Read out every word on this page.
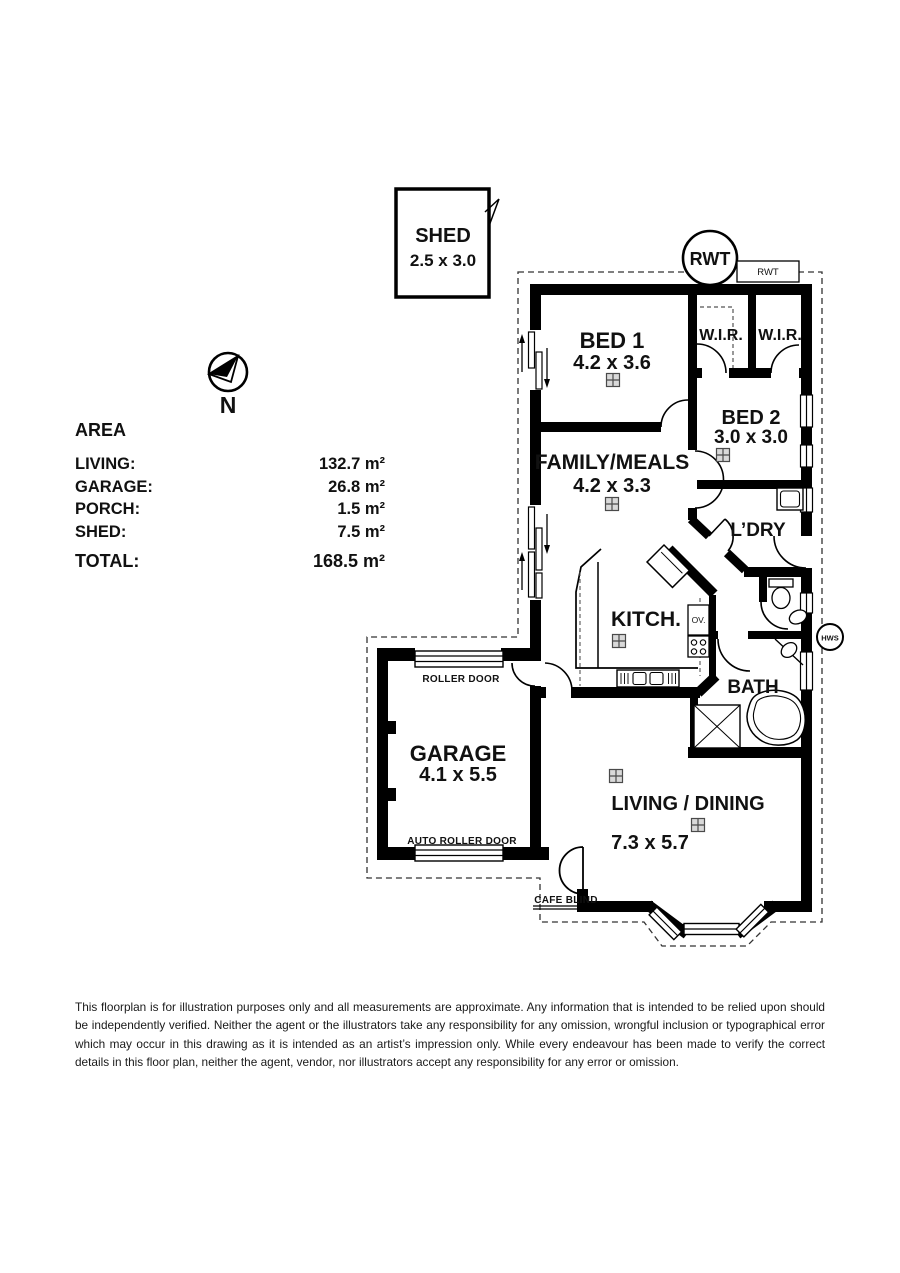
SHED
2.5 x 3.0
N
RWT
RWT
OV.
HWS
BED 1
4.2 x 3.6
W.I.R. W.I.R.
BED 2
3.0 x 3.0
FAMILY/MEALS
4.2 x 3.3
L’DRY
KITCH.
BATH
GARAGE
4.1 x 5.5
LIVING / DINING
7.3 x 5.7
ROLLER DOOR
AUTO ROLLER DOOR
CAFE BLIND
AREA
LIVING:	132.7 m²
GARAGE:	26.8 m²
PORCH:	1.5 m²
SHED:	7.5 m²
TOTAL:	168.5 m²
This floorplan is for illustration purposes only and all measurements are approximate. Any information that is intended to be relied upon should be independently verified. Neither the agent or the illustrators take any responsibility for any omission, wrongful inclusion or typographical error which may occur in this drawing as it is intended as an artist’s impression only. While every endeavour has been made to verify the correct details in this floor plan, neither the agent, vendor, nor illustrators accept any responsibility for any error or omission.
